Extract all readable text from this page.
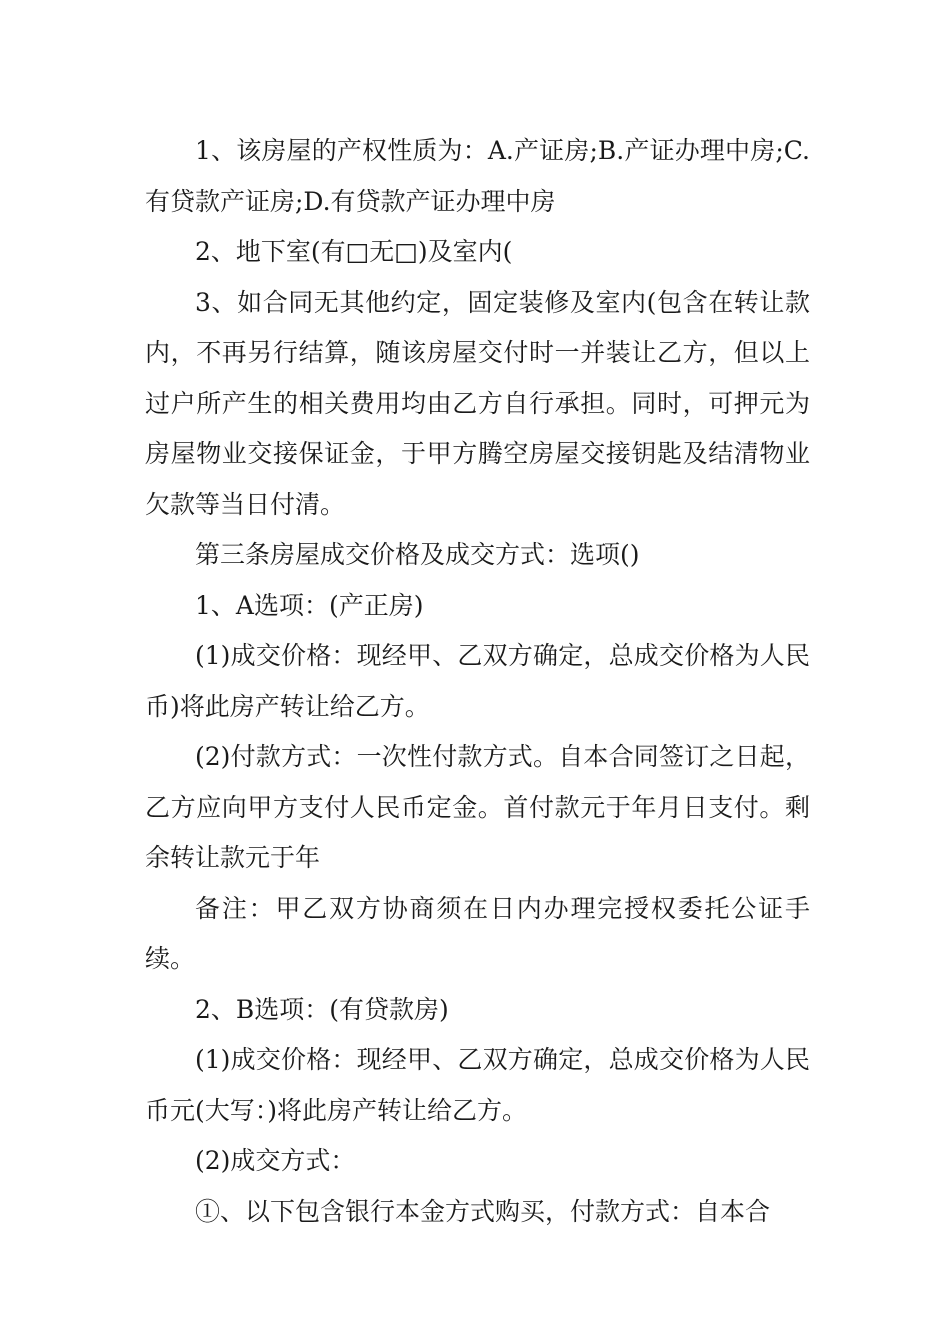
1、该房屋的产权性质为：A.产证房;B.产证办理中房;C.有贷款产证房;D.有贷款产证办理中房

2、地下室(有□无□)及室内(

3、如合同无其他约定，固定装修及室内(包含在转让款内，不再另行结算，随该房屋交付时一并装让乙方，但以上过户所产生的相关费用均由乙方自行承担。同时，可押元为房屋物业交接保证金，于甲方腾空房屋交接钥匙及结清物业欠款等当日付清。

第三条房屋成交价格及成交方式：选项()

1、A选项：(产正房)

(1)成交价格：现经甲、乙双方确定，总成交价格为人民币)将此房产转让给乙方。

(2)付款方式：一次性付款方式。自本合同签订之日起，乙方应向甲方支付人民币定金。首付款元于年月日支付。剩余转让款元于年

备注：甲乙双方协商须在日内办理完授权委托公证手续。

2、B选项：(有贷款房)

(1)成交价格：现经甲、乙双方确定，总成交价格为人民币元(大写：)将此房产转让给乙方。

(2)成交方式：

①、以下包含银行本金方式购买，付款方式：自本合
